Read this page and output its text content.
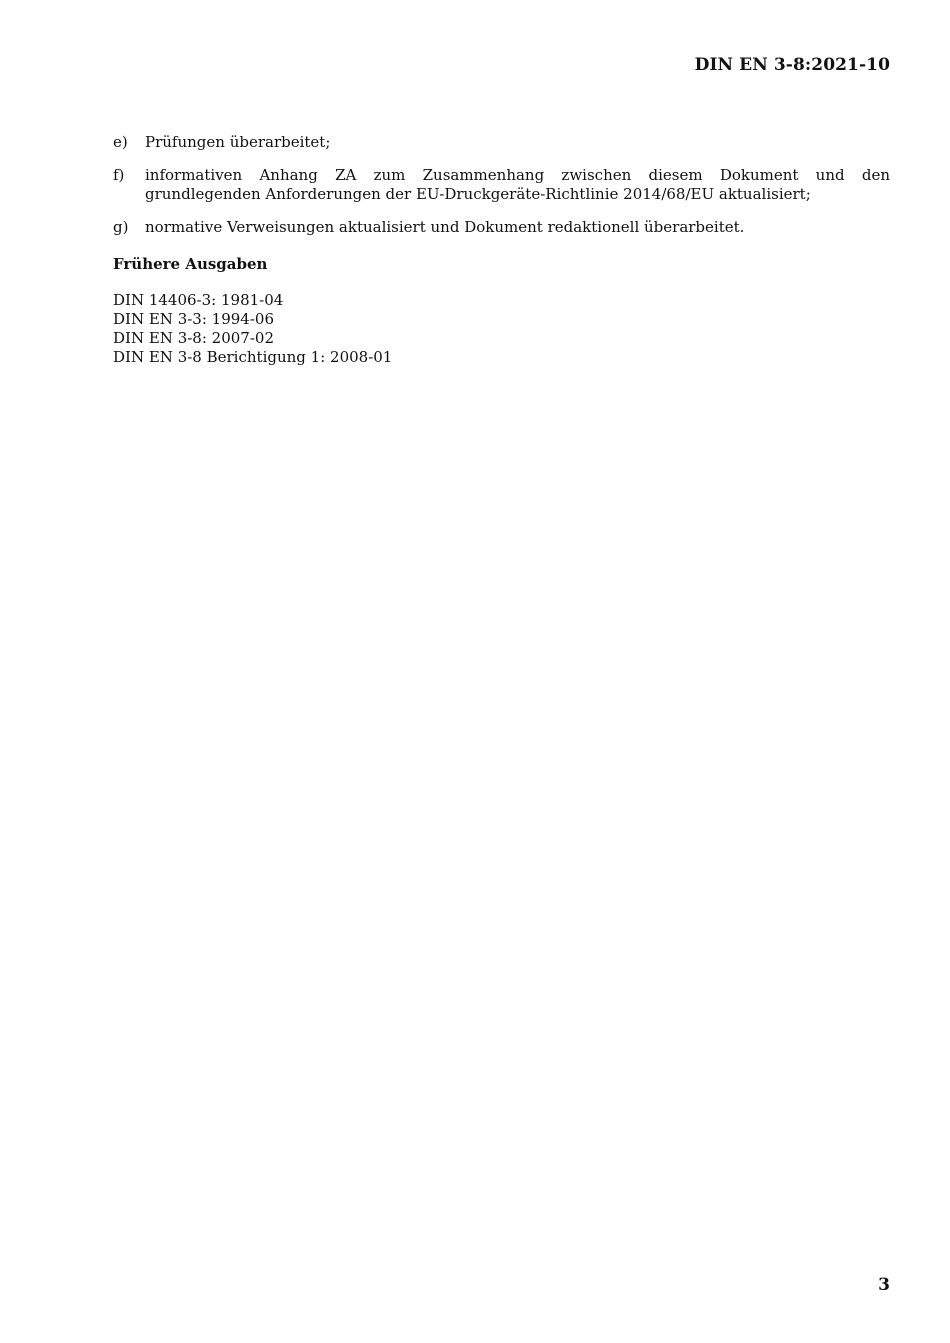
DIN EN 3-8:2021-10
e)	Prüfungen überarbeitet;
f)	informativen Anhang ZA zum Zusammenhang zwischen diesem Dokument und den grundlegenden Anforderungen der EU-Druckgeräte-Richtlinie 2014/68/EU aktualisiert;
g)	normative Verweisungen aktualisiert und Dokument redaktionell überarbeitet.
Frühere Ausgaben
DIN 14406-3: 1981-04
DIN EN 3-3: 1994-06
DIN EN 3-8: 2007-02
DIN EN 3-8 Berichtigung 1: 2008-01
3
